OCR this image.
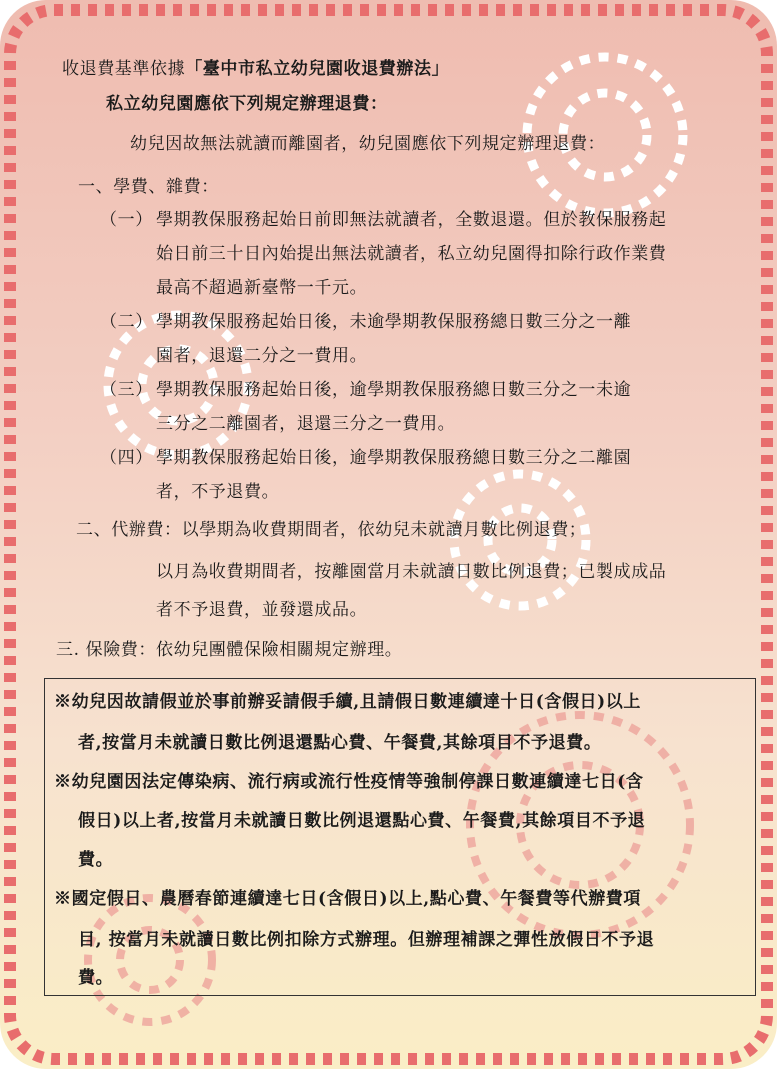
收退費基準依據「臺中市私立幼兒園收退費辦法」
私立幼兒園應依下列規定辦理退費：
幼兒因故無法就讀而離園者，幼兒園應依下列規定辦理退費：
一、學費、雜費：
（一） 學期教保服務起始日前即無法就讀者，全數退還。但於教保服務起
始日前三十日內始提出無法就讀者，私立幼兒園得扣除行政作業費
最高不超過新臺幣一千元。
（二） 學期教保服務起始日後，未逾學期教保服務總日數三分之一離
園者，退還二分之一費用。
（三） 學期教保服務起始日後，逾學期教保服務總日數三分之一未逾
三分之二離園者，退還三分之一費用。
（四） 學期教保服務起始日後，逾學期教保服務總日數三分之二離園
者，不予退費。
二、代辦費：以學期為收費期間者，依幼兒未就讀月數比例退費；
以月為收費期間者，按離園當月未就讀日數比例退費；已製成成品
者不予退費，並發還成品。
三. 保險費：依幼兒團體保險相關規定辦理。
※幼兒因故請假並於事前辦妥請假手續,且請假日數連續達十日(含假日)以上
者,按當月未就讀日數比例退還點心費、午餐費,其餘項目不予退費。
※幼兒園因法定傳染病、流行病或流行性疫情等強制停課日數連續達七日(含
假日)以上者,按當月未就讀日數比例退還點心費、午餐費,其餘項目不予退
費。
※國定假日、農曆春節連續達七日(含假日)以上,點心費、午餐費等代辦費項
目, 按當月未就讀日數比例扣除方式辦理。但辦理補課之彈性放假日不予退
費。
